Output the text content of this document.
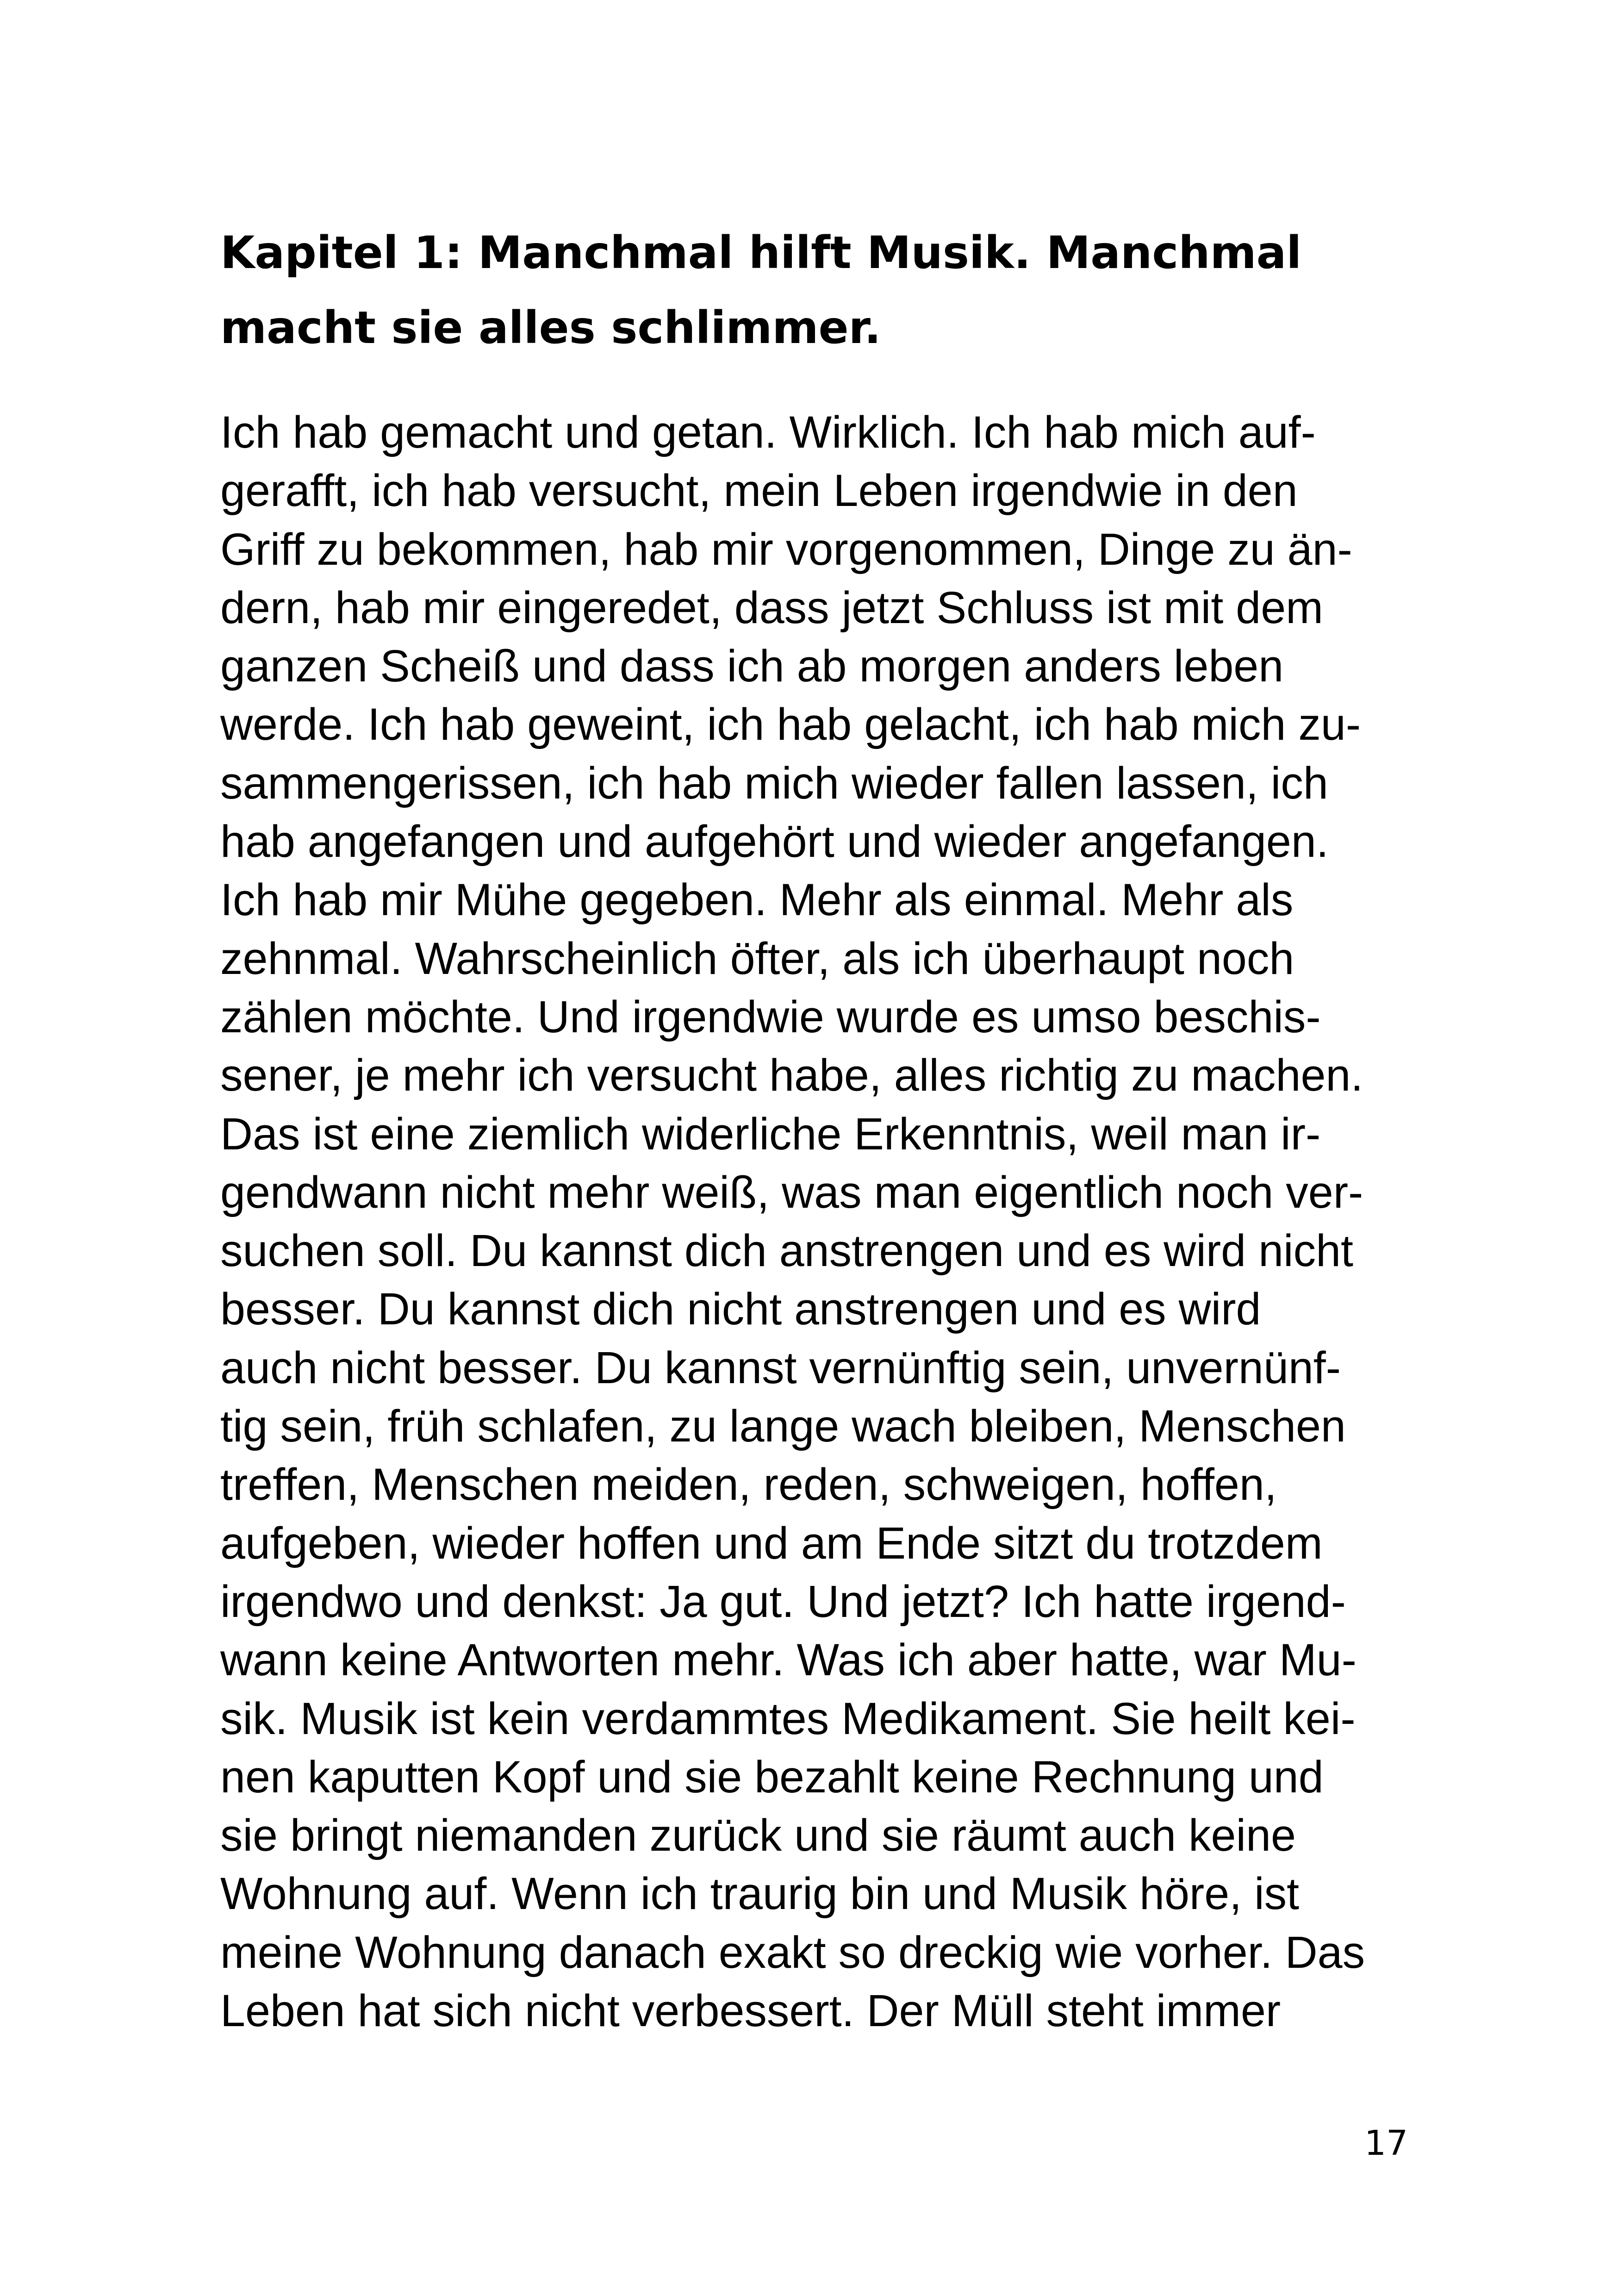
Kapitel 1: Manchmal hilft Musik. Manchmal
macht sie alles schlimmer.
Ich hab gemacht und getan. Wirklich. Ich hab mich auf-
gerafft, ich hab versucht, mein Leben irgendwie in den
Griff zu bekommen, hab mir vorgenommen, Dinge zu än-
dern, hab mir eingeredet, dass jetzt Schluss ist mit dem
ganzen Scheiß und dass ich ab morgen anders leben
werde. Ich hab geweint, ich hab gelacht, ich hab mich zu-
sammengerissen, ich hab mich wieder fallen lassen, ich
hab angefangen und aufgehört und wieder angefangen.
Ich hab mir Mühe gegeben. Mehr als einmal. Mehr als
zehnmal. Wahrscheinlich öfter, als ich überhaupt noch
zählen möchte. Und irgendwie wurde es umso beschis-
sener, je mehr ich versucht habe, alles richtig zu machen.
Das ist eine ziemlich widerliche Erkenntnis, weil man ir-
gendwann nicht mehr weiß, was man eigentlich noch ver-
suchen soll. Du kannst dich anstrengen und es wird nicht
besser. Du kannst dich nicht anstrengen und es wird
auch nicht besser. Du kannst vernünftig sein, unvernünf-
tig sein, früh schlafen, zu lange wach bleiben, Menschen
treffen, Menschen meiden, reden, schweigen, hoffen,
aufgeben, wieder hoffen und am Ende sitzt du trotzdem
irgendwo und denkst: Ja gut. Und jetzt? Ich hatte irgend-
wann keine Antworten mehr. Was ich aber hatte, war Mu-
sik. Musik ist kein verdammtes Medikament. Sie heilt kei-
nen kaputten Kopf und sie bezahlt keine Rechnung und
sie bringt niemanden zurück und sie räumt auch keine
Wohnung auf. Wenn ich traurig bin und Musik höre, ist
meine Wohnung danach exakt so dreckig wie vorher. Das
Leben hat sich nicht verbessert. Der Müll steht immer
17
